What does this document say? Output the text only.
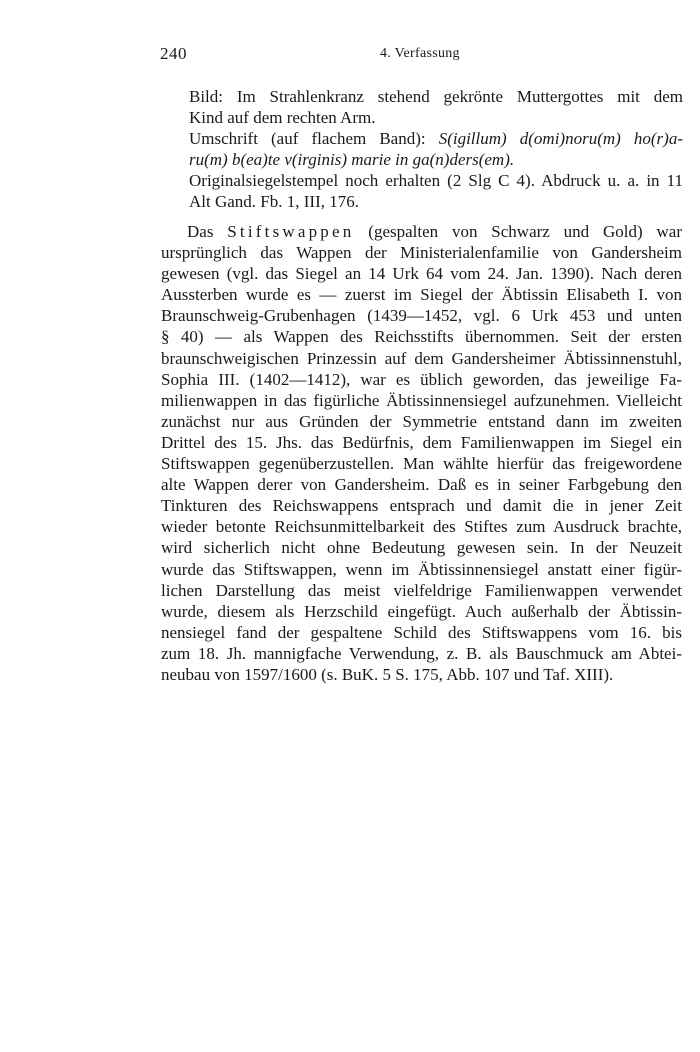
240	4. Verfassung
Bild: Im Strahlenkranz stehend gekrönte Muttergottes mit dem
Kind auf dem rechten Arm.
Umschrift (auf flachem Band): S(igillum) d(omi)noru(m) ho(r)a-
ru(m) b(ea)te v(irginis) marie in ga(n)ders(em).
Originalsiegelstempel noch erhalten (2 Slg C 4). Abdruck u. a. in 11
Alt Gand. Fb. 1, III, 176.
Das Stiftswappen (gespalten von Schwarz und Gold) war
ursprünglich das Wappen der Ministerialenfamilie von Gandersheim
gewesen (vgl. das Siegel an 14 Urk 64 vom 24. Jan. 1390). Nach deren
Aussterben wurde es — zuerst im Siegel der Äbtissin Elisabeth I. von
Braunschweig-Grubenhagen (1439—1452, vgl. 6 Urk 453 und unten
§ 40) — als Wappen des Reichsstifts übernommen. Seit der ersten
braunschweigischen Prinzessin auf dem Gandersheimer Äbtissinnenstuhl,
Sophia III. (1402—1412), war es üblich geworden, das jeweilige Fa-
milienwappen in das figürliche Äbtissinnensiegel aufzunehmen. Vielleicht
zunächst nur aus Gründen der Symmetrie entstand dann im zweiten
Drittel des 15. Jhs. das Bedürfnis, dem Familienwappen im Siegel ein
Stiftswappen gegenüberzustellen. Man wählte hierfür das freigewordene
alte Wappen derer von Gandersheim. Daß es in seiner Farbgebung den
Tinkturen des Reichswappens entsprach und damit die in jener Zeit
wieder betonte Reichsunmittelbarkeit des Stiftes zum Ausdruck brachte,
wird sicherlich nicht ohne Bedeutung gewesen sein. In der Neuzeit
wurde das Stiftswappen, wenn im Äbtissinnensiegel anstatt einer figür-
lichen Darstellung das meist vielfeldrige Familienwappen verwendet
wurde, diesem als Herzschild eingefügt. Auch außerhalb der Äbtissin-
nensiegel fand der gespaltene Schild des Stiftswappens vom 16. bis
zum 18. Jh. mannigfache Verwendung, z. B. als Bauschmuck am Abtei-
neubau von 1597/1600 (s. BuK. 5 S. 175, Abb. 107 und Taf. XIII).
